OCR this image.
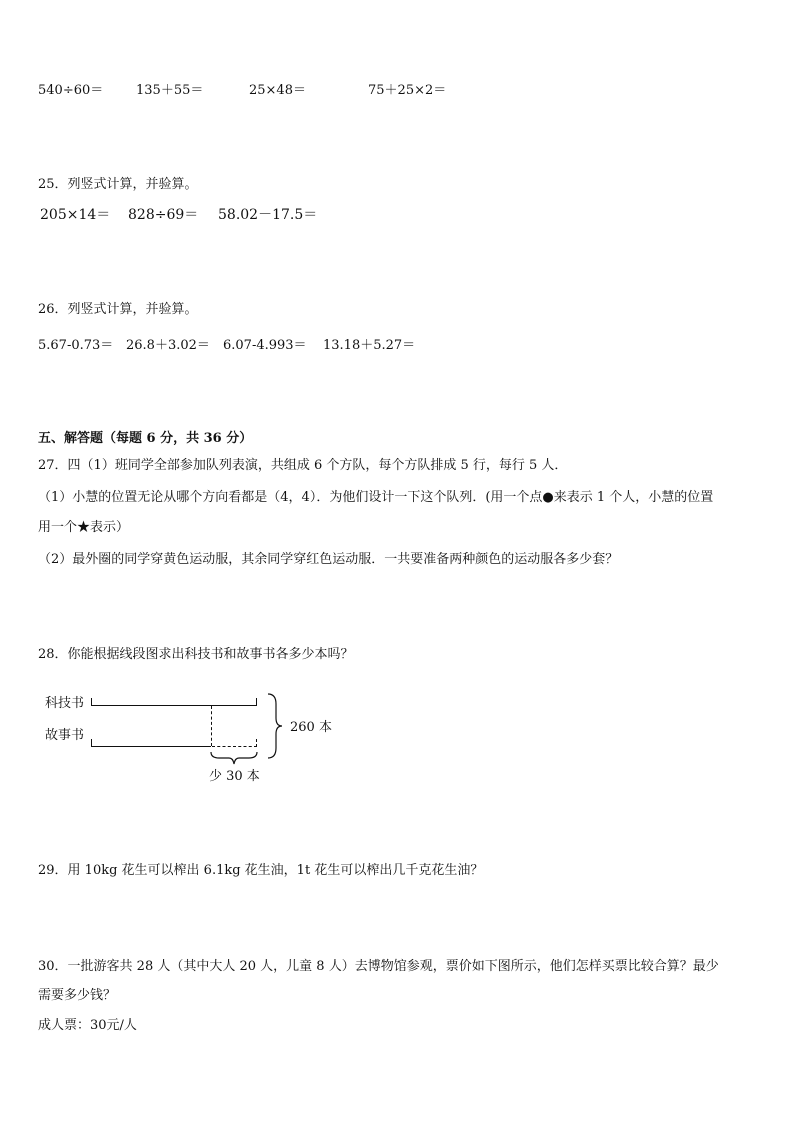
540÷60＝	135＋55＝	25×48＝	75＋25×2＝
25．列竖式计算，并验算。
205×14＝ 828÷69＝ 58.02－17.5＝
26．列竖式计算，并验算。
5.67-0.73＝ 26.8＋3.02＝ 6.07-4.993＝ 13.18＋5.27＝
五、解答题（每题 6 分，共 36 分）
27．四（1）班同学全部参加队列表演，共组成 6 个方队，每个方队排成 5 行，每行 5 人．
（1）小慧的位置无论从哪个方向看都是（4，4）．为他们设计一下这个队列．(用一个点●来表示 1 个人，小慧的位置
用一个★表示）
（2）最外圈的同学穿黄色运动服，其余同学穿红色运动服．一共要准备两种颜色的运动服各多少套？
28．你能根据线段图求出科技书和故事书各多少本吗？
科技书
故事书
260 本
少 30 本
29．用 10kg 花生可以榨出 6.1kg 花生油，1t 花生可以榨出几千克花生油？
30．一批游客共 28 人（其中大人 20 人，儿童 8 人）去博物馆参观，票价如下图所示，他们怎样买票比较合算？最少
需要多少钱？
成人票：30元/人
